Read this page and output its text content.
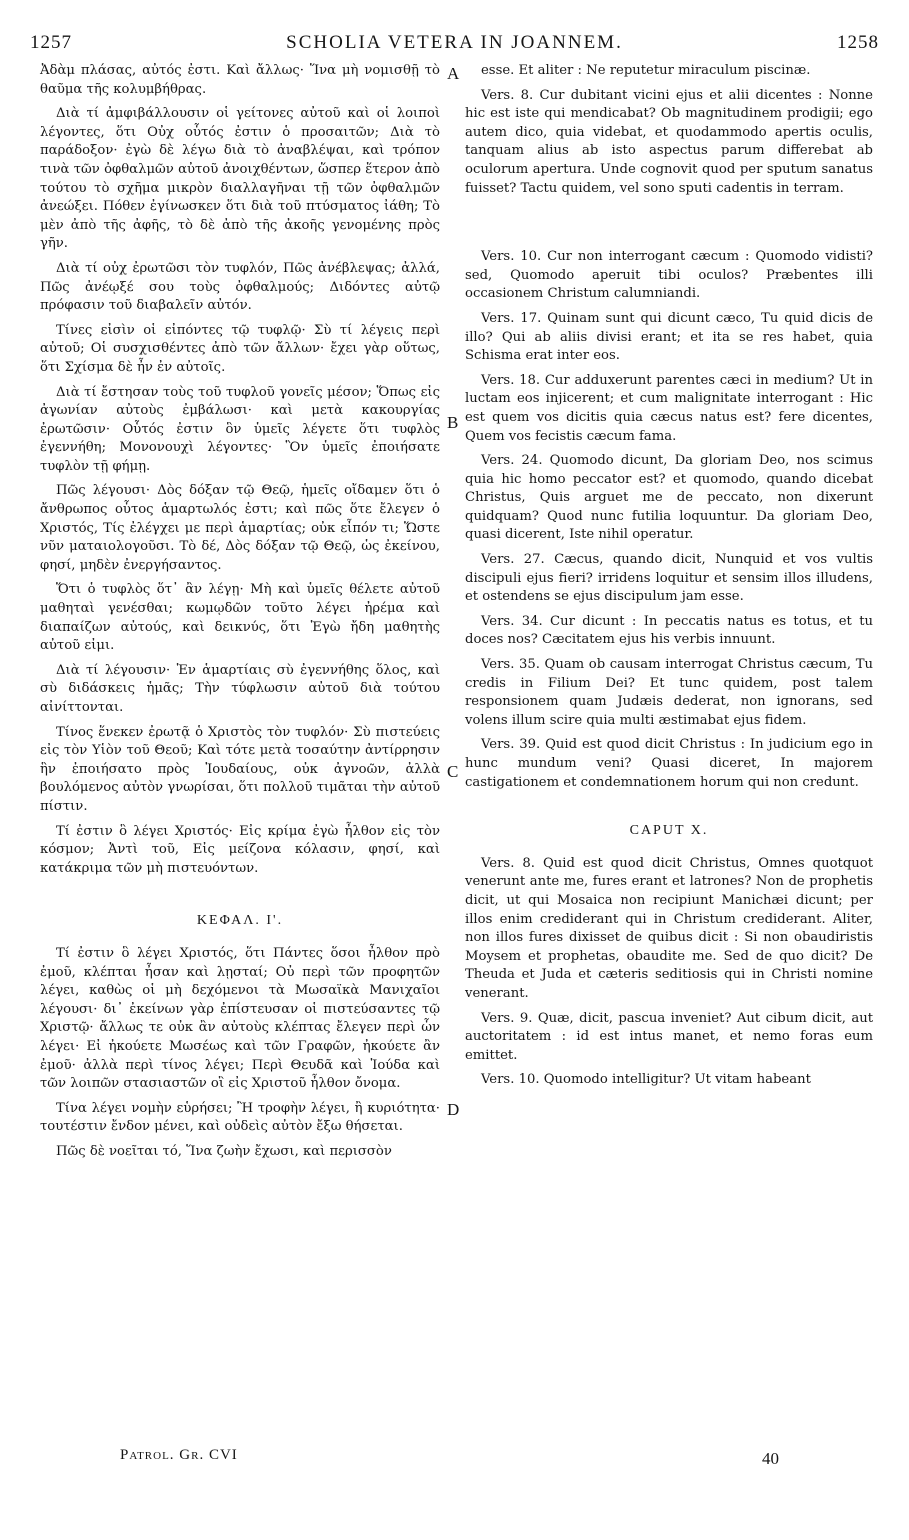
1257	SCHOLIA VETERA IN JOANNEM.	1258
A
B
C
D

Ἀδὰμ πλάσας, αὐτός ἐστι. Καὶ ἄλλως· Ἵνα μὴ νομισθῇ τὸ θαῦμα τῆς κολυμβήθρας.

Διὰ τί ἀμφιβάλλουσιν οἱ γείτονες αὐτοῦ καὶ οἱ λοιποὶ λέγοντες, ὅτι Οὐχ οὗτός ἐστιν ὁ προσαιτῶν; Διὰ τὸ παράδοξον· ἐγὼ δὲ λέγω διὰ τὸ ἀναβλέψαι, καὶ τρόπον τινὰ τῶν ὀφθαλμῶν αὐτοῦ ἀνοιχθέντων, ὥσπερ ἕτερον ἀπὸ τούτου τὸ σχῆμα μικρὸν διαλλαγῆναι τῇ τῶν ὀφθαλμῶν ἀνεώξει. Πόθεν ἐγίνωσκεν ὅτι διὰ τοῦ πτύσματος ἰάθη; Τὸ μὲν ἀπὸ τῆς ἀφῆς, τὸ δὲ ἀπὸ τῆς ἀκοῆς γενομένης πρὸς γῆν.

Διὰ τί οὐχ ἐρωτῶσι τὸν τυφλόν, Πῶς ἀνέβλεψας; ἀλλά, Πῶς ἀνέῳξέ σου τοὺς ὀφθαλμούς; Διδόντες αὐτῷ πρόφασιν τοῦ διαβαλεῖν αὐτόν.

Τίνες εἰσὶν οἱ εἰπόντες τῷ τυφλῷ· Σὺ τί λέγεις περὶ αὐτοῦ; Οἱ συσχισθέντες ἀπὸ τῶν ἄλλων· ἔχει γὰρ οὕτως, ὅτι Σχίσμα δὲ ἦν ἐν αὐτοῖς.

Διὰ τί ἔστησαν τοὺς τοῦ τυφλοῦ γονεῖς μέσον; Ὅπως εἰς ἀγωνίαν αὐτοὺς ἐμβάλωσι· καὶ μετὰ κακουργίας ἐρωτῶσιν· Οὗτός ἐστιν ὃν ὑμεῖς λέγετε ὅτι τυφλὸς ἐγεννήθη; Μονονουχὶ λέγοντες· Ὃν ὑμεῖς ἐποιήσατε τυφλὸν τῇ φήμῃ.

Πῶς λέγουσι· Δὸς δόξαν τῷ Θεῷ, ἡμεῖς οἴδαμεν ὅτι ὁ ἄνθρωπος οὗτος ἁμαρτωλός ἐστι; καὶ πῶς ὅτε ἔλεγεν ὁ Χριστός, Τίς ἐλέγχει με περὶ ἁμαρτίας; οὐκ εἶπόν τι; Ὥστε νῦν ματαιολογοῦσι. Τὸ δέ, Δὸς δόξαν τῷ Θεῷ, ὡς ἐκείνου, φησί, μηδὲν ἐνεργήσαντος.

Ὅτι ὁ τυφλὸς ὅτ᾽ ἂν λέγῃ· Μὴ καὶ ὑμεῖς θέλετε αὐτοῦ μαθηταὶ γενέσθαι; κωμῳδῶν τοῦτο λέγει ἠρέμα καὶ διαπαίζων αὐτούς, καὶ δεικνύς, ὅτι Ἐγὼ ἤδη μαθητὴς αὐτοῦ εἰμι.

Διὰ τί λέγουσιν· Ἐν ἁμαρτίαις σὺ ἐγεννήθης ὅλος, καὶ σὺ διδάσκεις ἡμᾶς; Τὴν τύφλωσιν αὐτοῦ διὰ τούτου αἰνίττονται.

Τίνος ἕνεκεν ἐρωτᾷ ὁ Χριστὸς τὸν τυφλόν· Σὺ πιστεύεις εἰς τὸν Υἱὸν τοῦ Θεοῦ; Καὶ τότε μετὰ τοσαύτην ἀντίρρησιν ἣν ἐποιήσατο πρὸς Ἰουδαίους, οὐκ ἀγνοῶν, ἀλλὰ βουλόμενος αὐτὸν γνωρίσαι, ὅτι πολλοῦ τιμᾶται τὴν αὐτοῦ πίστιν.

Τί ἐστιν ὃ λέγει Χριστός· Εἰς κρίμα ἐγὼ ἦλθον εἰς τὸν κόσμον; Ἀντὶ τοῦ, Εἰς μείζονα κόλασιν, φησί, καὶ κατάκριμα τῶν μὴ πιστευόντων.

ΚΕΦΑΛ. Ι'.

Τί ἐστιν ὃ λέγει Χριστός, ὅτι Πάντες ὅσοι ἦλθον πρὸ ἐμοῦ, κλέπται ἦσαν καὶ λῃσταί; Οὐ περὶ τῶν προφητῶν λέγει, καθὼς οἱ μὴ δεχόμενοι τὰ Μωσαϊκὰ Μανιχαῖοι λέγουσι· δι᾽ ἐκείνων γὰρ ἐπίστευσαν οἱ πιστεύσαντες τῷ Χριστῷ· ἄλλως τε οὐκ ἂν αὐτοὺς κλέπτας ἔλεγεν περὶ ὧν λέγει· Εἰ ἠκούετε Μωσέως καὶ τῶν Γραφῶν, ἠκούετε ἂν ἐμοῦ· ἀλλὰ περὶ τίνος λέγει; Περὶ Θευδᾶ καὶ Ἰούδα καὶ τῶν λοιπῶν στασιαστῶν οἳ εἰς Χριστοῦ ἦλθον ὄνομα.

Τίνα λέγει νομὴν εὑρήσει; Ἢ τροφὴν λέγει, ἢ κυριότητα· τουτέστιν ἔνδον μένει, καὶ οὐδεὶς αὐτὸν ἔξω θήσεται.

Πῶς δὲ νοεῖται τό, Ἵνα ζωὴν ἔχωσι, καὶ περισσὸν

esse. Et aliter : Ne reputetur miraculum piscinæ.

Vers. 8. Cur dubitant vicini ejus et alii dicentes : Nonne hic est iste qui mendicabat? Ob magnitudinem prodigii; ego autem dico, quia videbat, et quodammodo apertis oculis, tanquam alius ab isto aspectus parum differebat ab oculorum apertura. Unde cognovit quod per sputum sanatus fuisset? Tactu quidem, vel sono sputi cadentis in terram.

Vers. 10. Cur non interrogant cæcum : Quomodo vidisti? sed, Quomodo aperuit tibi oculos? Præbentes illi occasionem Christum calumniandi.

Vers. 17. Quinam sunt qui dicunt cæco, Tu quid dicis de illo? Qui ab aliis divisi erant; et ita se res habet, quia Schisma erat inter eos.

Vers. 18. Cur adduxerunt parentes cæci in medium? Ut in luctam eos injicerent; et cum malignitate interrogant : Hic est quem vos dicitis quia cæcus natus est? fere dicentes, Quem vos fecistis cæcum fama.

Vers. 24. Quomodo dicunt, Da gloriam Deo, nos scimus quia hic homo peccator est? et quomodo, quando dicebat Christus, Quis arguet me de peccato, non dixerunt quidquam? Quod nunc futilia loquuntur. Da gloriam Deo, quasi dicerent, Iste nihil operatur.

Vers. 27. Cæcus, quando dicit, Nunquid et vos vultis discipuli ejus fieri? irridens loquitur et sensim illos illudens, et ostendens se ejus discipulum jam esse.

Vers. 34. Cur dicunt : In peccatis natus es totus, et tu doces nos? Cæcitatem ejus his verbis innuunt.

Vers. 35. Quam ob causam interrogat Christus cæcum, Tu credis in Filium Dei? Et tunc quidem, post talem responsionem quam Judæis dederat, non ignorans, sed volens illum scire quia multi æstimabat ejus fidem.

Vers. 39. Quid est quod dicit Christus : In judicium ego in hunc mundum veni? Quasi diceret, In majorem castigationem et condemnationem horum qui non credunt.

CAPUT X.

Vers. 8. Quid est quod dicit Christus, Omnes quotquot venerunt ante me, fures erant et latrones? Non de prophetis dicit, ut qui Mosaica non recipiunt Manichæi dicunt; per illos enim crediderant qui in Christum crediderant. Aliter, non illos fures dixisset de quibus dicit : Si non obaudiristis Moysem et prophetas, obaudite me. Sed de quo dicit? De Theuda et Juda et cæteris seditiosis qui in Christi nomine venerant.

Vers. 9. Quæ, dicit, pascua inveniet? Aut cibum dicit, aut auctoritatem : id est intus manet, et nemo foras eum emittet.

Vers. 10. Quomodo intelligitur? Ut vitam habeant

Patrol. Gr. CVI	40
